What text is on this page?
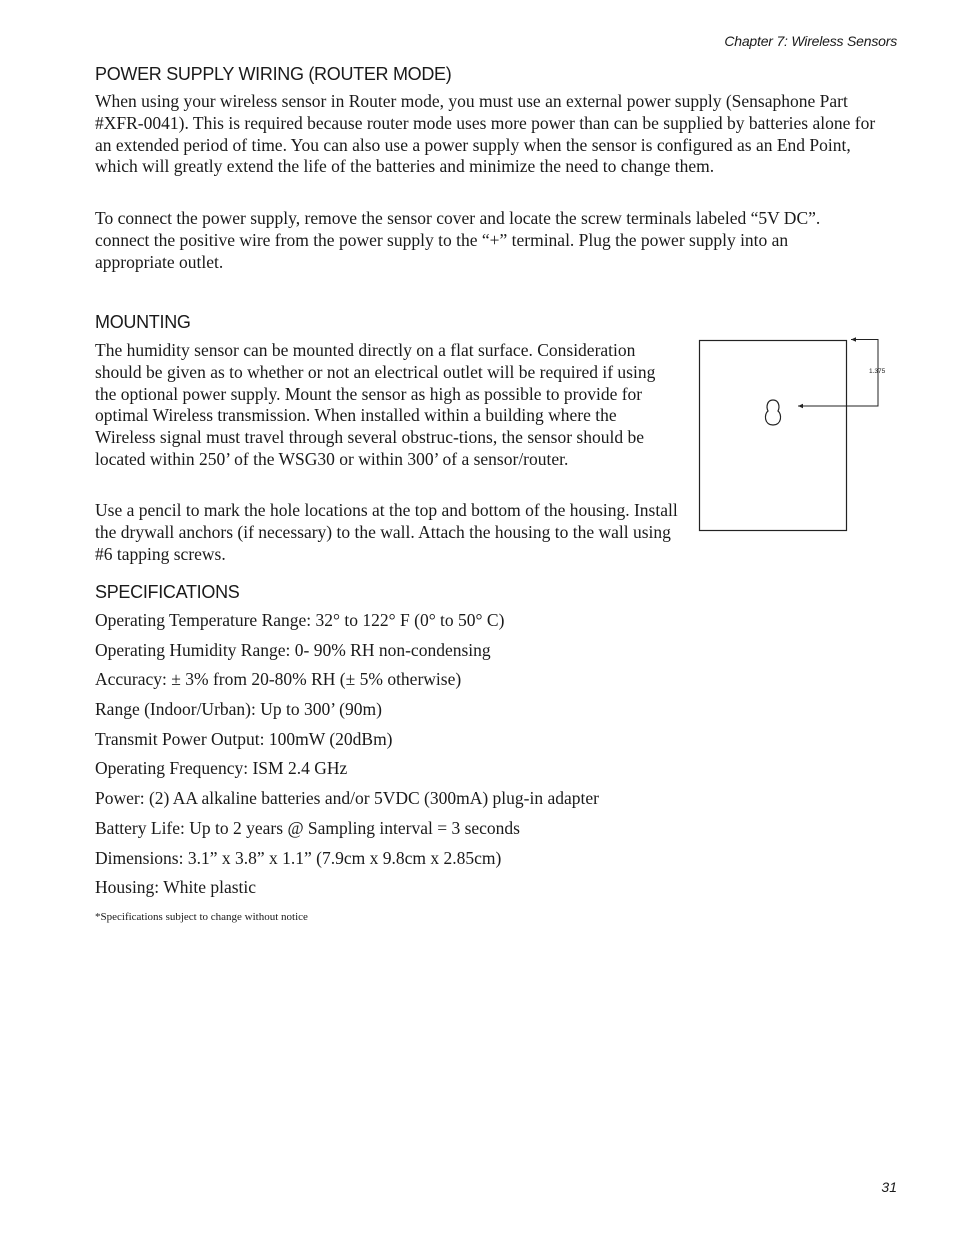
Chapter 7: Wireless Sensors
POWER SUPPLY WIRING (ROUTER MODE)

When using your wireless sensor in Router mode, you must use an external power supply (Sensaphone Part #XFR-0041). This is required because router mode uses more power than can be supplied by batteries alone for an extended period of time. You can also use a power supply when the sensor is configured as an End Point, which will greatly extend the life of the batteries and minimize the need to change them.

To connect the power supply, remove the sensor cover and locate the screw terminals labeled “5V DC”. connect the positive wire from the power supply to the “+” terminal. Plug the power supply into an appropriate outlet.

MOUNTING

The humidity sensor can be mounted directly on a flat surface. Consideration should be given as to whether or not an electrical outlet will be required if using the optional power supply. Mount the sensor as high as possible to provide for optimal Wireless transmission. When installed within a building where the Wireless signal must travel through several obstruc-tions, the sensor should be located within 250’ of the WSG30 or within 300’ of a sensor/router.

Use a pencil to mark the hole locations at the top and bottom of the housing. Install the drywall anchors (if necessary) to the wall. Attach the housing to the wall using #6 tapping screws.

1.375
SPECIFICATIONS
Operating Temperature Range: 32° to 122° F (0° to 50° C)
Operating Humidity Range: 0- 90% RH non-condensing
Accuracy: ± 3% from 20-80% RH (± 5% otherwise)
Range (Indoor/Urban): Up to 300’ (90m)
Transmit Power Output: 100mW (20dBm)
Operating Frequency: ISM 2.4 GHz
Power: (2) AA alkaline batteries and/or 5VDC (300mA) plug-in adapter
Battery Life: Up to 2 years @ Sampling interval = 3 seconds
Dimensions: 3.1” x 3.8” x 1.1” (7.9cm x 9.8cm x 2.85cm)
Housing: White plastic
*Specifications subject to change without notice
31
